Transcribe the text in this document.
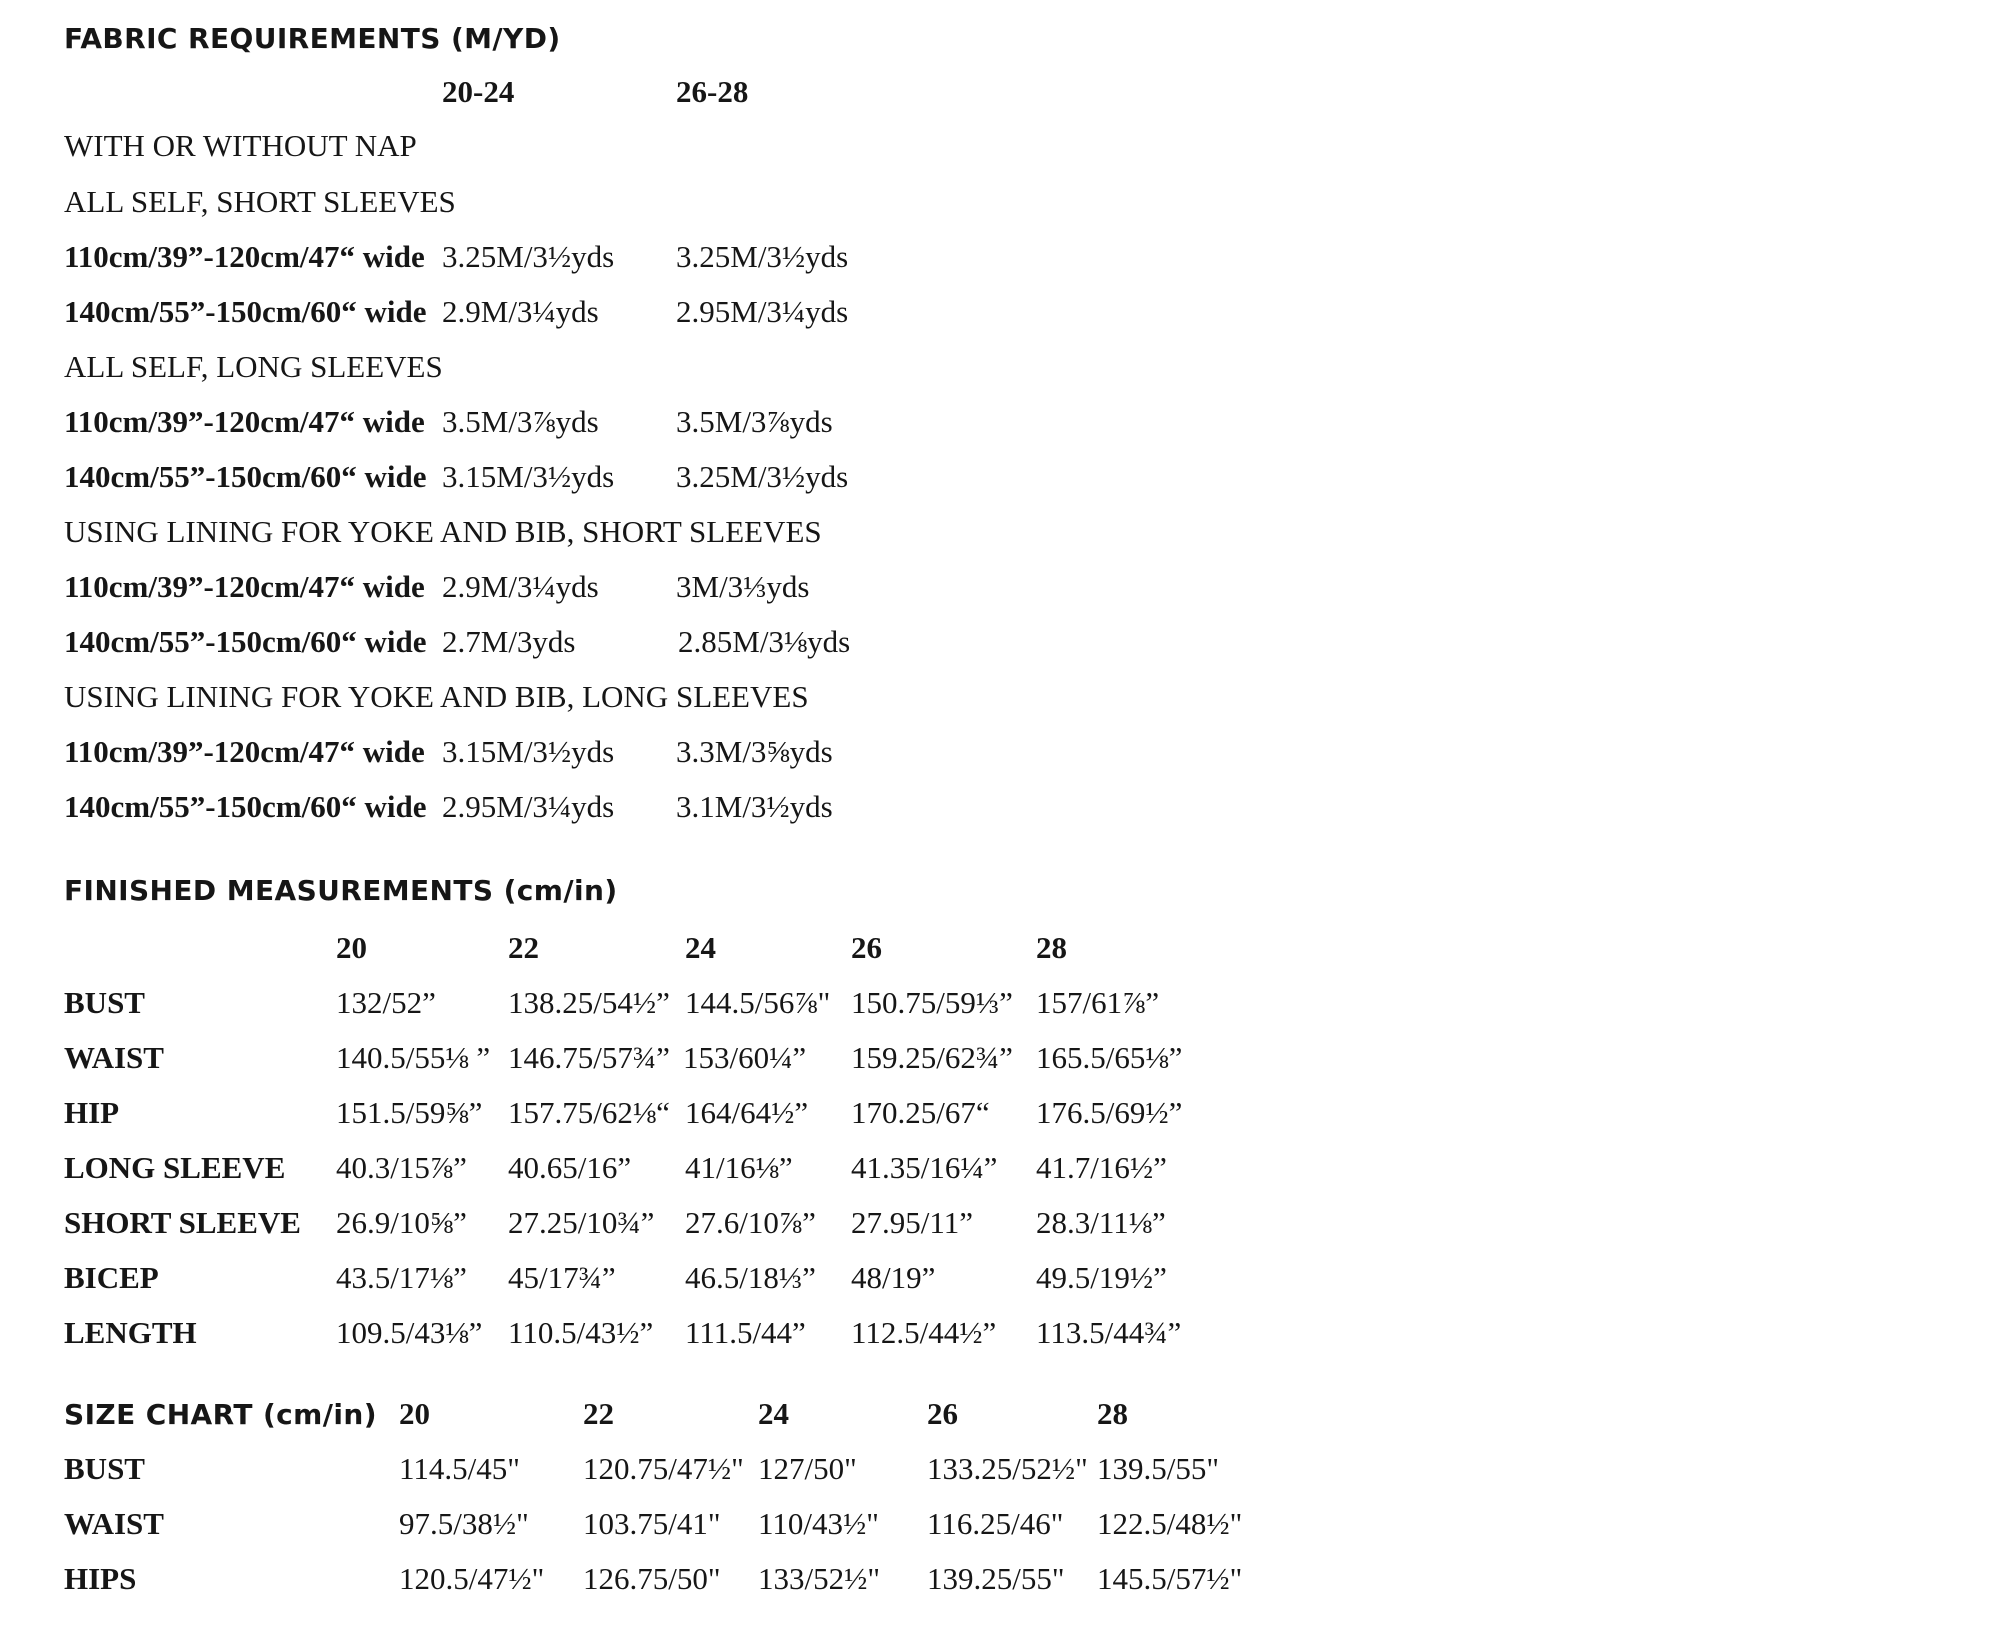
FABRIC REQUIREMENTS (M/YD)
20-24	26-28
WITH OR WITHOUT NAP
ALL SELF, SHORT SLEEVES
110cm/39”-120cm/47“ wide 3.25M/3½yds 3.25M/3½yds
140cm/55”-150cm/60“ wide 2.9M/3¼yds 2.95M/3¼yds
ALL SELF, LONG SLEEVES
110cm/39”-120cm/47“ wide 3.5M/3⅞yds 3.5M/3⅞yds
140cm/55”-150cm/60“ wide 3.15M/3½yds 3.25M/3½yds
USING LINING FOR YOKE AND BIB, SHORT SLEEVES
110cm/39”-120cm/47“ wide 2.9M/3¼yds 3M/3⅓yds
140cm/55”-150cm/60“ wide 2.7M/3yds	2.85M/3⅛yds
USING LINING FOR YOKE AND BIB, LONG SLEEVES
110cm/39”-120cm/47“ wide 3.15M/3½yds 3.3M/3⅝yds
140cm/55”-150cm/60“ wide 2.95M/3¼yds 3.1M/3½yds
FINISHED MEASUREMENTS (cm/in)
20	22	24	26	28
BUST	132/52” 138.25/54½” 144.5/56⅞" 150.75/59⅓” 157/61⅞”
WAIST	140.5/55⅛ ” 146.75/57¾” 153/60¼” 159.25/62¾” 165.5/65⅛”
HIP	151.5/59⅝” 157.75/62⅛“ 164/64½” 170.25/67“ 176.5/69½”
LONG SLEEVE 40.3/15⅞” 40.65/16” 41/16⅛” 41.35/16¼” 41.7/16½”
SHORT SLEEVE 26.9/10⅝” 27.25/10¾” 27.6/10⅞” 27.95/11” 28.3/11⅛”
BICEP	43.5/17⅛” 45/17¾” 46.5/18⅓” 48/19”	49.5/19½”
LENGTH	109.5/43⅛” 110.5/43½” 111.5/44” 112.5/44½” 113.5/44¾”
SIZE CHART (cm/in) 20	22	24	26	28
BUST	114.5/45" 120.75/47½" 127/50" 133.25/52½" 139.5/55"
WAIST	97.5/38½" 103.75/41" 110/43½" 116.25/46" 122.5/48½"
HIPS	120.5/47½" 126.75/50" 133/52½" 139.25/55" 145.5/57½"
